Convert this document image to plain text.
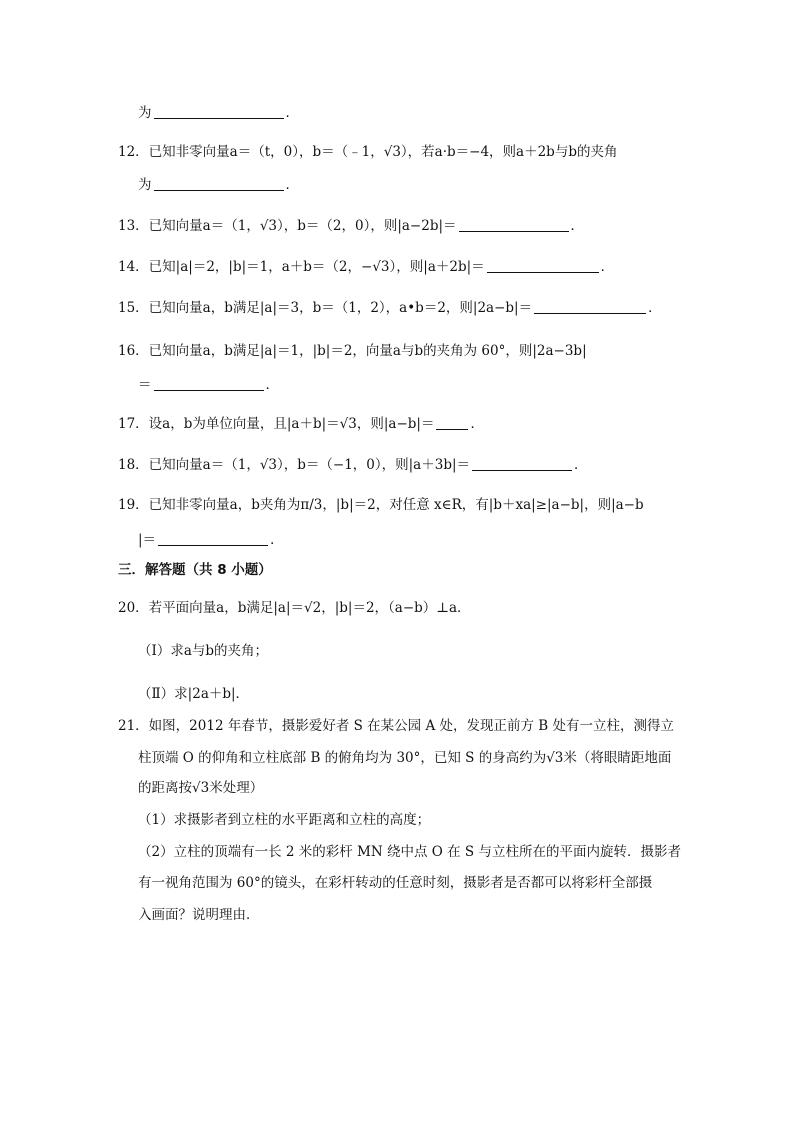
为	．
12．已知非零向量a＝（t，0），b＝（﹣1，√3），若a·b＝−4，则a＋2b与b的夹角
为	．
13．已知向量a＝（1，√3），b＝（2，0），则|a−2b|＝	．
14．已知|a|＝2，|b|＝1，a＋b＝（2，−√3），则|a＋2b|＝	．
15．已知向量a，b满足|a|＝3，b＝（1，2），a•b＝2，则|2a−b|＝	．
16．已知向量a，b满足|a|＝1，|b|＝2，向量a与b的夹角为 60°，则|2a−3b|
＝	．
17．设a，b为单位向量，且|a＋b|＝√3，则|a−b|＝	．
18．已知向量a＝（1，√3），b＝（−1，0），则|a＋3b|＝	．
19．已知非零向量a，b夹角为π/3，|b|＝2，对任意 x∈R，有|b＋xa|≥|a−b|，则|a−b
|＝	．
三．解答题（共 8 小题）
20．若平面向量a，b满足|a|＝√2，|b|＝2，（a−b）⊥a．
（Ⅰ）求a与b的夹角；
（Ⅱ）求|2a＋b|．
21．如图，2012 年春节，摄影爱好者 S 在某公园 A 处，发现正前方 B 处有一立柱，测得立
柱顶端 O 的仰角和立柱底部 B 的俯角均为 30°，已知 S 的身高约为√3米（将眼睛距地面
的距离按√3米处理）
（1）求摄影者到立柱的水平距离和立柱的高度；
（2）立柱的顶端有一长 2 米的彩杆 MN 绕中点 O 在 S 与立柱所在的平面内旋转．摄影者
有一视角范围为 60°的镜头，在彩杆转动的任意时刻，摄影者是否都可以将彩杆全部摄
入画面？说明理由．
